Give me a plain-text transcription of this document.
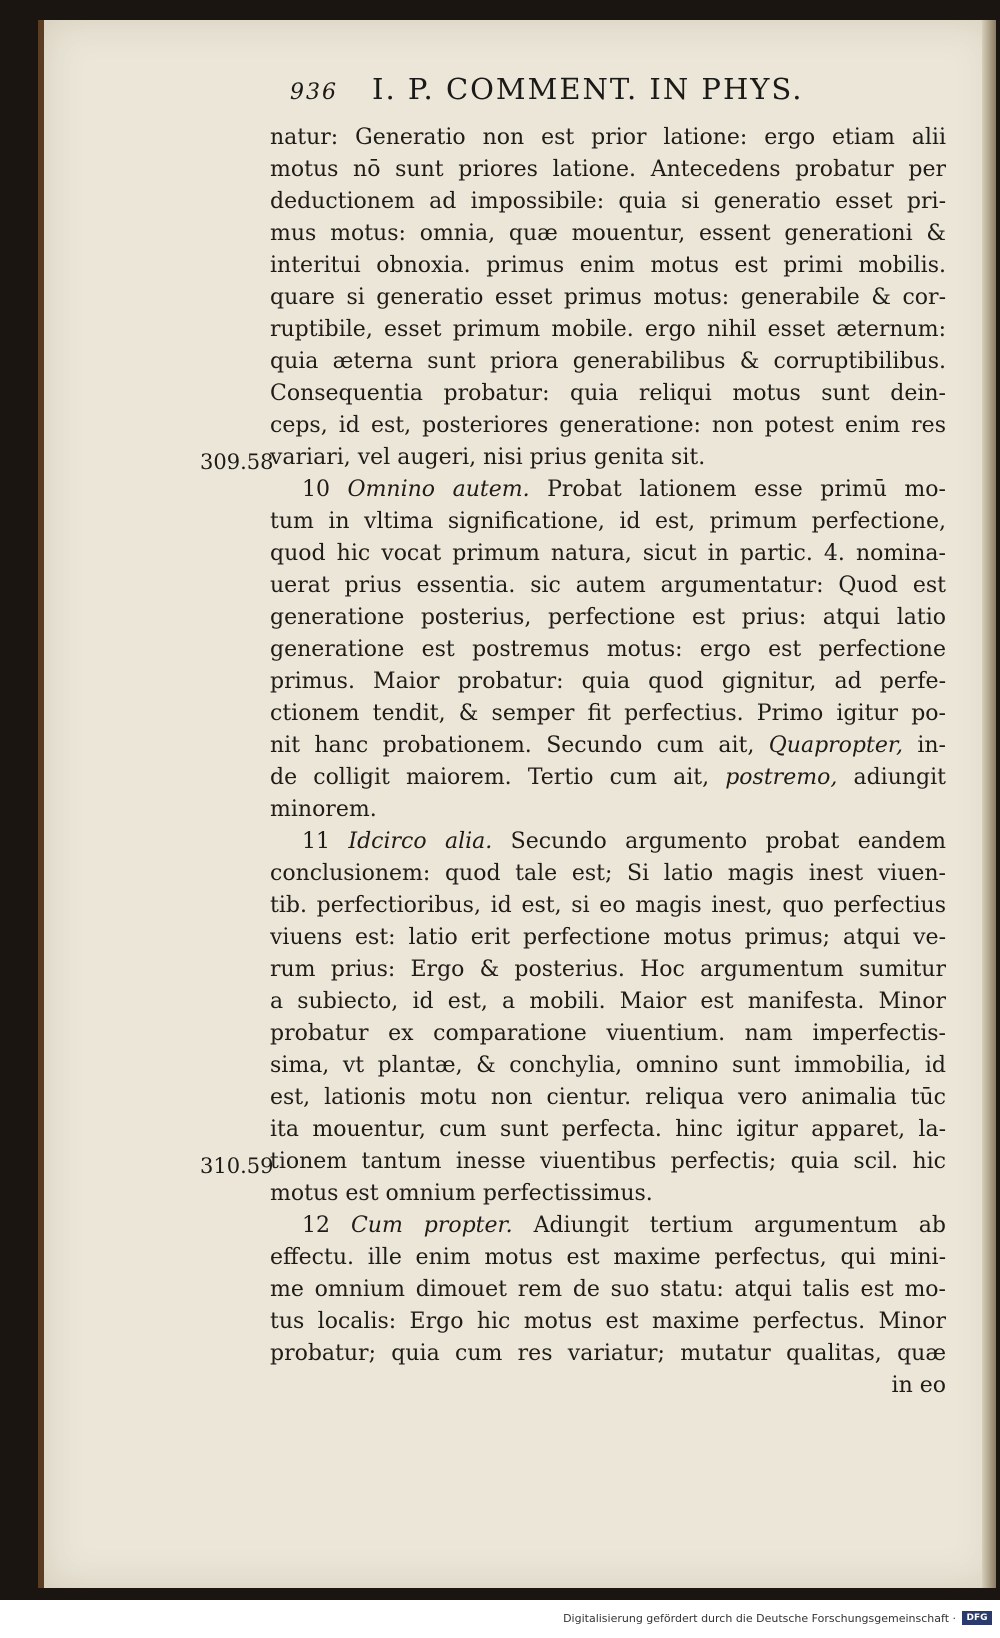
936 I. P. COMMENT. IN PHYS.
309.58
310.59
natur: Generatio non est prior latione: ergo etiam alii
motus nō sunt priores latione. Antecedens probatur per
deductionem ad impossibile: quia si generatio esset pri-
mus motus: omnia, quæ mouentur, essent generationi &
interitui obnoxia. primus enim motus est primi mobilis.
quare si generatio esset primus motus: generabile & cor-
ruptibile, esset primum mobile. ergo nihil esset æternum:
quia æterna sunt priora generabilibus & corruptibilibus.
Consequentia probatur: quia reliqui motus sunt dein-
ceps, id est, posteriores generatione: non potest enim res
variari, vel augeri, nisi prius genita sit.
10 Omnino autem. Probat lationem esse primū mo-
tum in vltima significatione, id est, primum perfectione,
quod hic vocat primum natura, sicut in partic. 4. nomina-
uerat prius essentia. sic autem argumentatur: Quod est
generatione posterius, perfectione est prius: atqui latio
generatione est postremus motus: ergo est perfectione
primus. Maior probatur: quia quod gignitur, ad perfe-
ctionem tendit, & semper fit perfectius. Primo igitur po-
nit hanc probationem. Secundo cum ait, Quapropter, in-
de colligit maiorem. Tertio cum ait, postremo, adiungit
minorem.
11 Idcirco alia. Secundo argumento probat eandem
conclusionem: quod tale est; Si latio magis inest viuen-
tib. perfectioribus, id est, si eo magis inest, quo perfectius
viuens est: latio erit perfectione motus primus; atqui ve-
rum prius: Ergo & posterius. Hoc argumentum sumitur
a subiecto, id est, a mobili. Maior est manifesta. Minor
probatur ex comparatione viuentium. nam imperfectis-
sima, vt plantæ, & conchylia, omnino sunt immobilia, id
est, lationis motu non cientur. reliqua vero animalia tūc
ita mouentur, cum sunt perfecta. hinc igitur apparet, la-
tionem tantum inesse viuentibus perfectis; quia scil. hic
motus est omnium perfectissimus.
12 Cum propter. Adiungit tertium argumentum ab
effectu. ille enim motus est maxime perfectus, qui mini-
me omnium dimouet rem de suo statu: atqui talis est mo-
tus localis: Ergo hic motus est maxime perfectus. Minor
probatur; quia cum res variatur; mutatur qualitas, quæ
in eo
Digitalisierung gefördert durch die Deutsche Forschungsgemeinschaft ·	DFG
